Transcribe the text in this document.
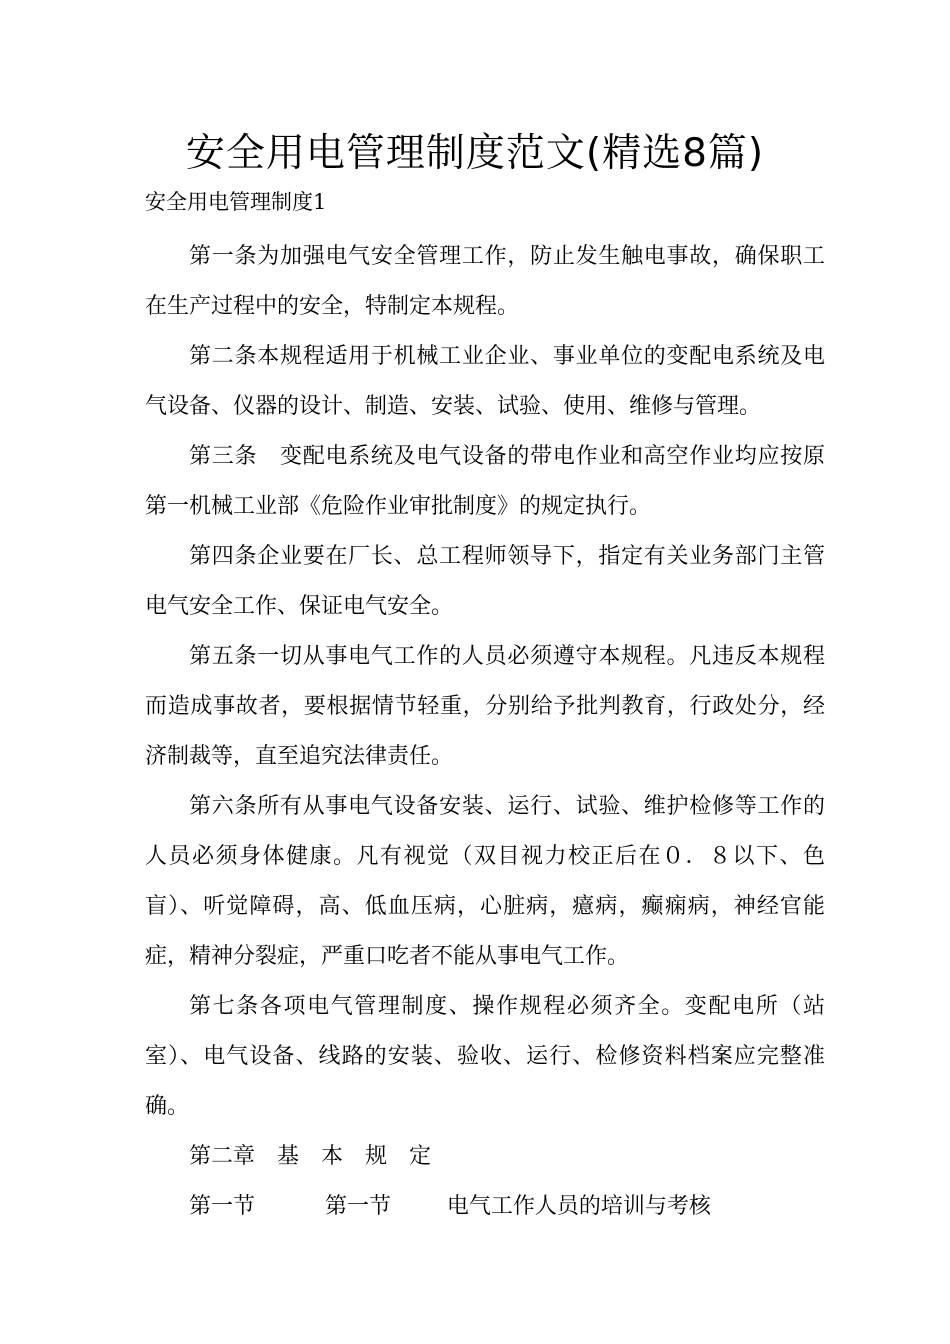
安全用电管理制度范文(精选8篇)
安全用电管理制度1

第一条为加强电气安全管理工作，防止发生触电事故，确保职工在生产过程中的安全，特制定本规程。

第二条本规程适用于机械工业企业、事业单位的变配电系统及电气设备、仪器的设计、制造、安装、试验、使用、维修与管理。

第三条　变配电系统及电气设备的带电作业和高空作业均应按原第一机械工业部《危险作业审批制度》的规定执行。

第四条企业要在厂长、总工程师领导下，指定有关业务部门主管电气安全工作、保证电气安全。

第五条一切从事电气工作的人员必须遵守本规程。凡违反本规程而造成事故者，要根据情节轻重，分别给予批判教育，行政处分，经济制裁等，直至追究法律责任。

第六条所有从事电气设备安装、运行、试验、维护检修等工作的人员必须身体健康。凡有视觉（双目视力校正后在０．８以下、色盲）、听觉障碍，高、低血压病，心脏病，癔病，癫痫病，神经官能症，精神分裂症，严重口吃者不能从事电气工作。

第七条各项电气管理制度、操作规程必须齐全。变配电所（站室）、电气设备、线路的安装、验收、运行、检修资料档案应完整准确。

第二章　基　本　规　定

第一节	第一节	电气工作人员的培训与考核
